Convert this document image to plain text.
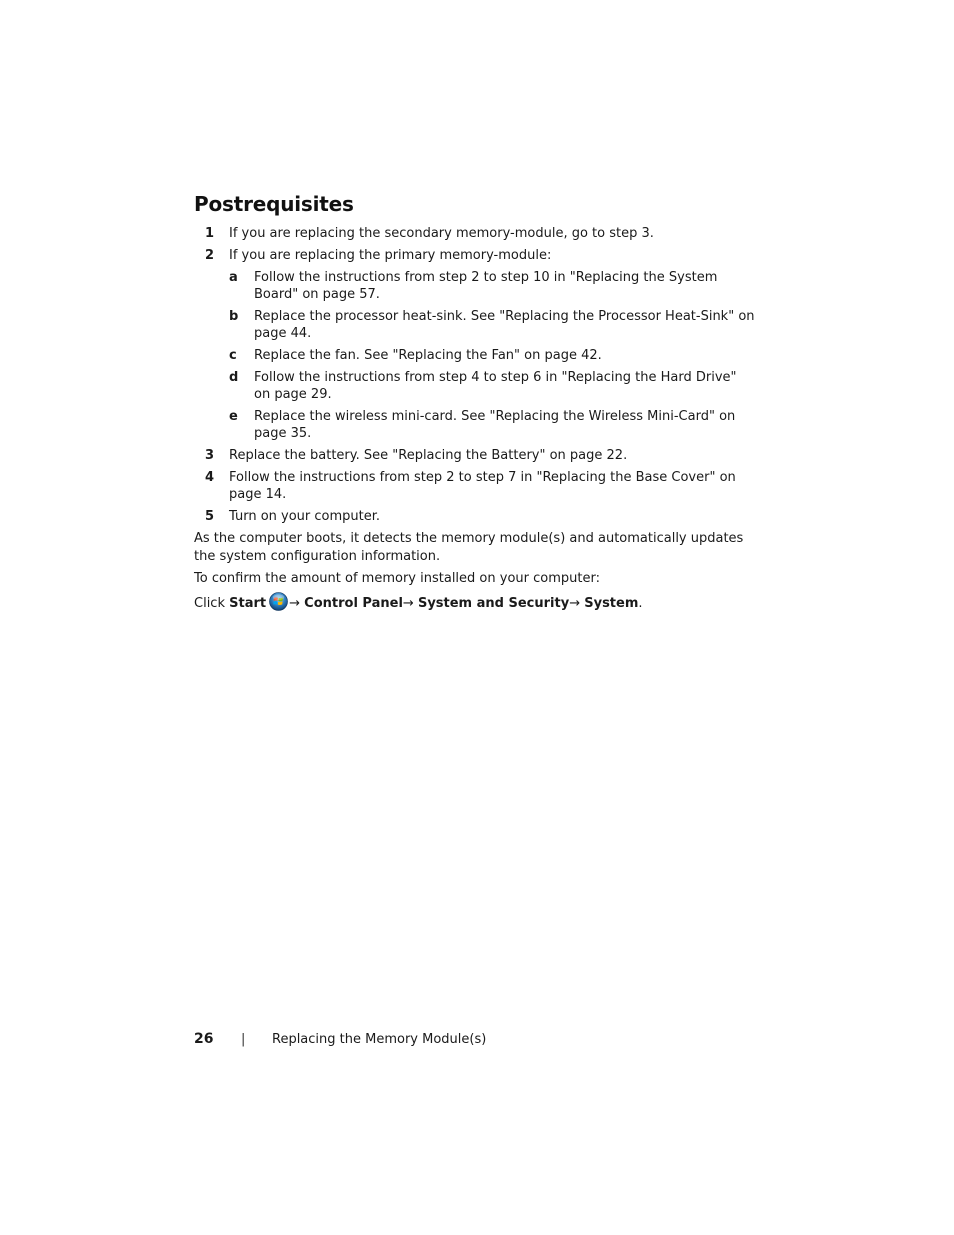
Postrequisites
1 If you are replacing the secondary memory-module, go to step 3.
2 If you are replacing the primary memory-module:
a Follow the instructions from step 2 to step 10 in "Replacing the System Board" on page 57.
b Replace the processor heat-sink. See "Replacing the Processor Heat-Sink" on page 44.
c Replace the fan. See "Replacing the Fan" on page 42.
d Follow the instructions from step 4 to step 6 in "Replacing the Hard Drive" on page 29.
e Replace the wireless mini-card. See "Replacing the Wireless Mini-Card" on page 35.
3 Replace the battery. See "Replacing the Battery" on page 22.
4 Follow the instructions from step 2 to step 7 in "Replacing the Base Cover" on page 14.
5 Turn on your computer.

As the computer boots, it detects the memory module(s) and automatically updates the system configuration information.

To confirm the amount of memory installed on your computer:

Click Start → Control Panel→ System and Security→ System.

26 | Replacing the Memory Module(s)
